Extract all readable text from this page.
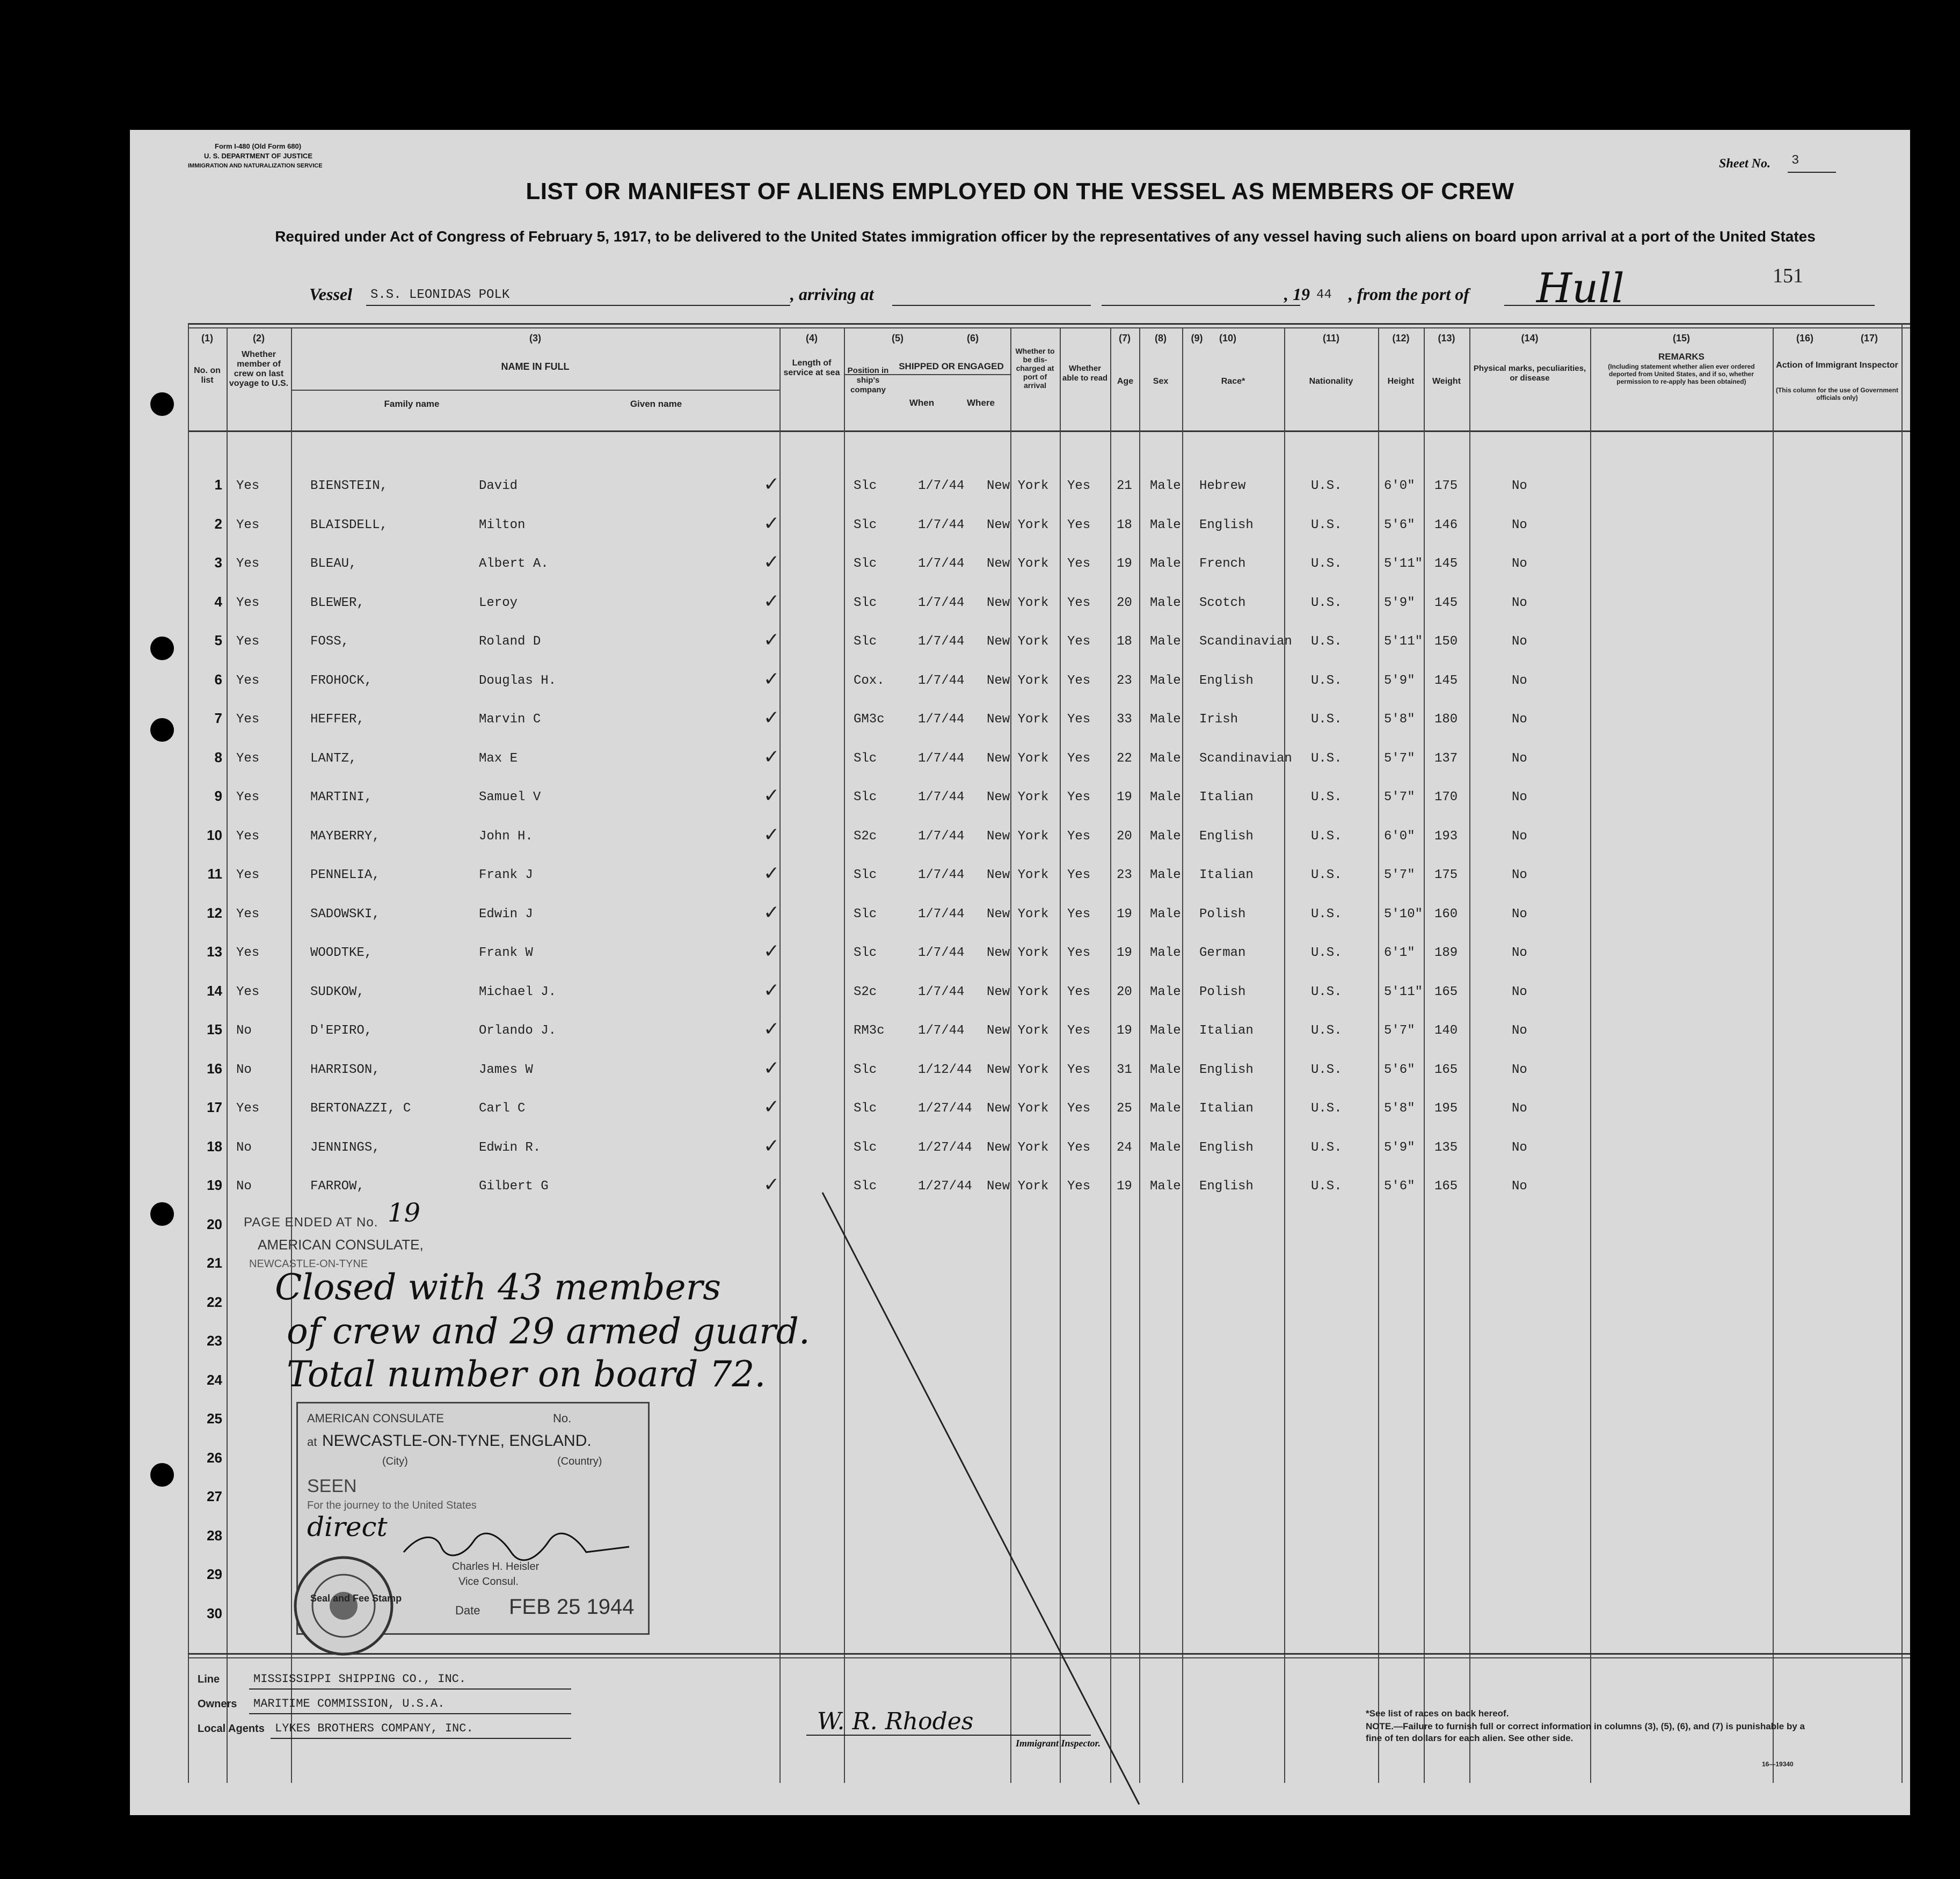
Form I-480 (Old Form 680)
U. S. DEPARTMENT OF JUSTICE
IMMIGRATION AND NATURALIZATION SERVICE	Sheet No. 3
LIST OR MANIFEST OF ALIENS EMPLOYED ON THE VESSEL AS MEMBERS OF CREW
Required under Act of Congress of February 5, 1917, to be delivered to the United States immigration officer by the representatives of any vessel having such aliens on board upon arrival at a port of the United States
151
Vessel S.S. LEONIDAS POLK	, arriving at	, 19 44 , from the port of Hull
(1)	(2)	(3)	(4)	(5)	(6)	(7)	(8)	(9)	(10)	(11)	(12)	(13)	(14)	(15)	(16)	(17)
No. on list
Whether member of crew on last voyage to U.S.
NAME IN FULL
Family name	Given name
Length of service at sea Position in ship's company
SHIPPED OR ENGAGED
When	Where
Whether to be dis- charged at port of arrival
Whether able to read	Age	Sex	Race*	Nationality	Height	Weight
Physical marks, peculiarities, or disease
REMARKS
(Including statement whether alien ever ordered deported from United States, and if so, whether permission to re-apply has been obtained)
Action of Immigrant Inspector
(This column for the use of Government officials only)
1 Yes	BIENSTEIN,	David	✓	Slc	1/7/44 New York Yes 21 Male Hebrew	U.S.	6'0" 175	No
2 Yes	BLAISDELL,	Milton	✓	Slc	1/7/44 New York Yes 18 Male English	U.S.	5'6" 146	No
3 Yes	BLEAU,	Albert A.	✓	Slc	1/7/44 New York Yes 19 Male French	U.S.	5'11" 145	No
4 Yes	BLEWER,	Leroy	✓	Slc	1/7/44 New York Yes 20 Male Scotch	U.S.	5'9" 145	No
5 Yes	FOSS,	Roland D	✓	Slc	1/7/44 New York Yes 18 Male Scandinavian U.S.	5'11" 150	No
6 Yes	FROHOCK,	Douglas H.	✓	Cox.	1/7/44 New York Yes 23 Male English	U.S.	5'9" 145	No
7 Yes	HEFFER,	Marvin C	✓	GM3c	1/7/44 New York Yes 33 Male Irish	U.S.	5'8" 180	No
8 Yes	LANTZ,	Max E	✓	Slc	1/7/44 New York Yes 22 Male Scandinavian U.S.	5'7" 137	No
9 Yes	MARTINI,	Samuel V	✓	Slc	1/7/44 New York Yes 19 Male Italian	U.S.	5'7" 170	No
10 Yes	MAYBERRY,	John H.	✓	S2c	1/7/44 New York Yes 20 Male English	U.S.	6'0" 193	No
11 Yes	PENNELIA,	Frank J	✓	Slc	1/7/44 New York Yes 23 Male Italian	U.S.	5'7" 175	No
12 Yes	SADOWSKI,	Edwin J	✓	Slc	1/7/44 New York Yes 19 Male Polish	U.S.	5'10" 160	No
13 Yes	WOODTKE,	Frank W	✓	Slc	1/7/44 New York Yes 19 Male German	U.S.	6'1" 189	No
14 Yes	SUDKOW,	Michael J.	✓	S2c	1/7/44 New York Yes 20 Male Polish	U.S.	5'11" 165	No
15 No	D'EPIRO,	Orlando J.	✓	RM3c	1/7/44 New York Yes 19 Male Italian	U.S.	5'7" 140	No
16 No	HARRISON,	James W	✓	Slc	1/12/44 New York Yes 31 Male English	U.S.	5'6" 165	No
17 Yes	BERTONAZZI, C	Carl C	✓	Slc	1/27/44 New York Yes 25 Male Italian	U.S.	5'8" 195	No
18 No	JENNINGS,	Edwin R.	✓	Slc	1/27/44 New York Yes 24 Male English	U.S.	5'9" 135	No
19 No	FARROW,	Gilbert G	✓	Slc	1/27/44 New York Yes 19 Male English	U.S.	5'6" 165	No
20
21
22
23
24
25
26
27
28
29
30
PAGE ENDED AT No. 19
AMERICAN CONSULATE,
NEWCASTLE-ON-TYNE
Closed with 43 members
of crew and 29 armed guard.
Total number on board 72.
AMERICAN CONSULATE	No.
at NEWCASTLE-ON-TYNE, ENGLAND.
(City)	(Country)
SEEN
For the journey to the United States
direct
Charles H. Heisler
Vice Consul.
Date FEB 25 1944
Seal and Fee Stamp
Line	MISSISSIPPI SHIPPING CO., INC.
Owners MARITIME COMMISSION, U.S.A.
Local Agents LYKES BROTHERS COMPANY, INC.	W. R. Rhodes
Immigrant Inspector.
*See list of races on back hereof.
NOTE.—Failure to furnish full or correct information in columns (3), (5), (6), and (7) is punishable by a fine of ten dollars for each alien. See other side.
16—19340
